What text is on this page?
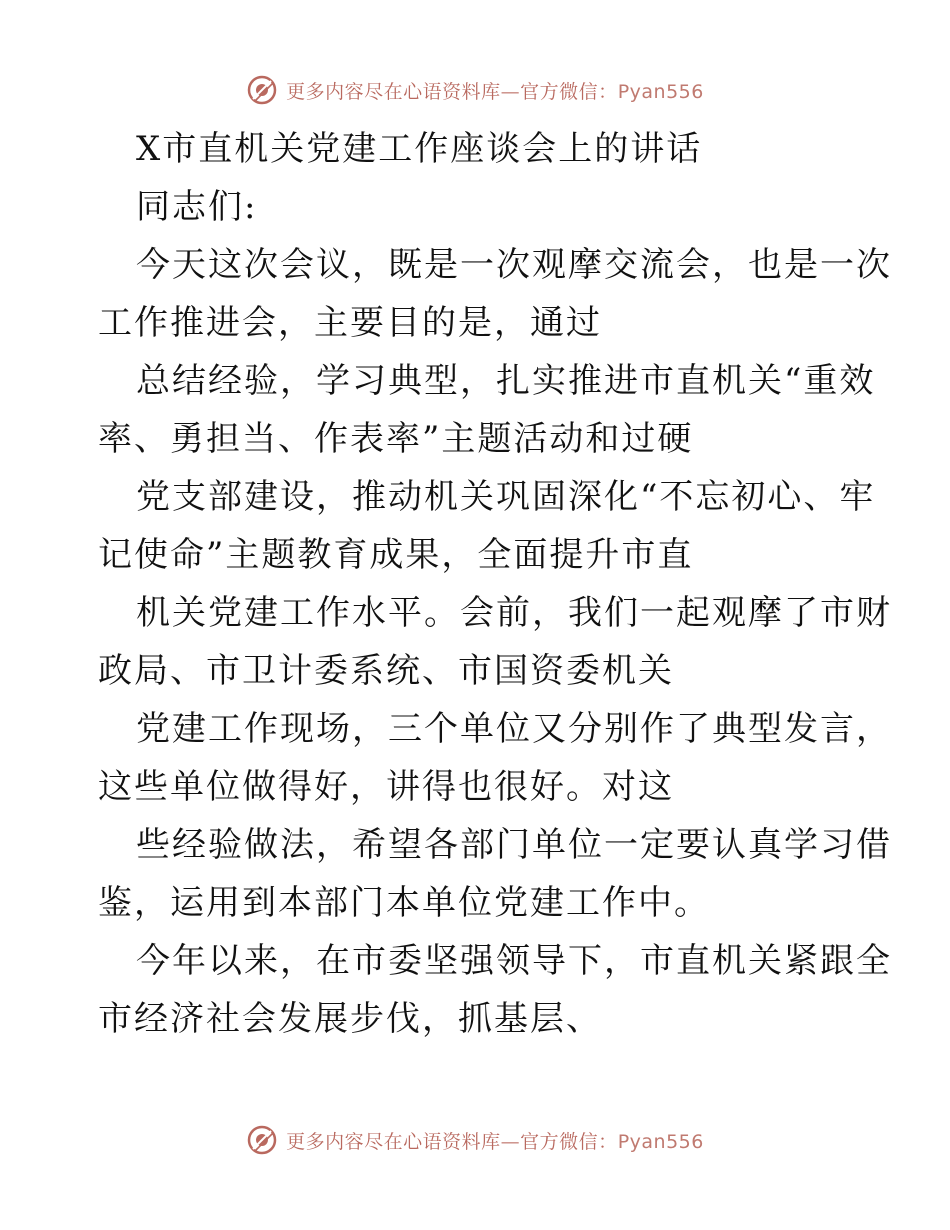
更多内容尽在心语资料库—官方微信：Pyan556
X市直机关党建工作座谈会上的讲话
同志们:
今天这次会议，既是一次观摩交流会，也是一次
工作推进会，主要目的是，通过
总结经验，学习典型，扎实推进市直机关“重效
率、勇担当、作表率”主题活动和过硬
党支部建设，推动机关巩固深化“不忘初心、牢
记使命”主题教育成果，全面提升市直
机关党建工作水平。会前，我们一起观摩了市财
政局、市卫计委系统、市国资委机关
党建工作现场，三个单位又分别作了典型发言，
这些单位做得好，讲得也很好。对这
些经验做法，希望各部门单位一定要认真学习借
鉴，运用到本部门本单位党建工作中。
今年以来，在市委坚强领导下，市直机关紧跟全
市经济社会发展步伐，抓基层、
更多内容尽在心语资料库—官方微信：Pyan556
